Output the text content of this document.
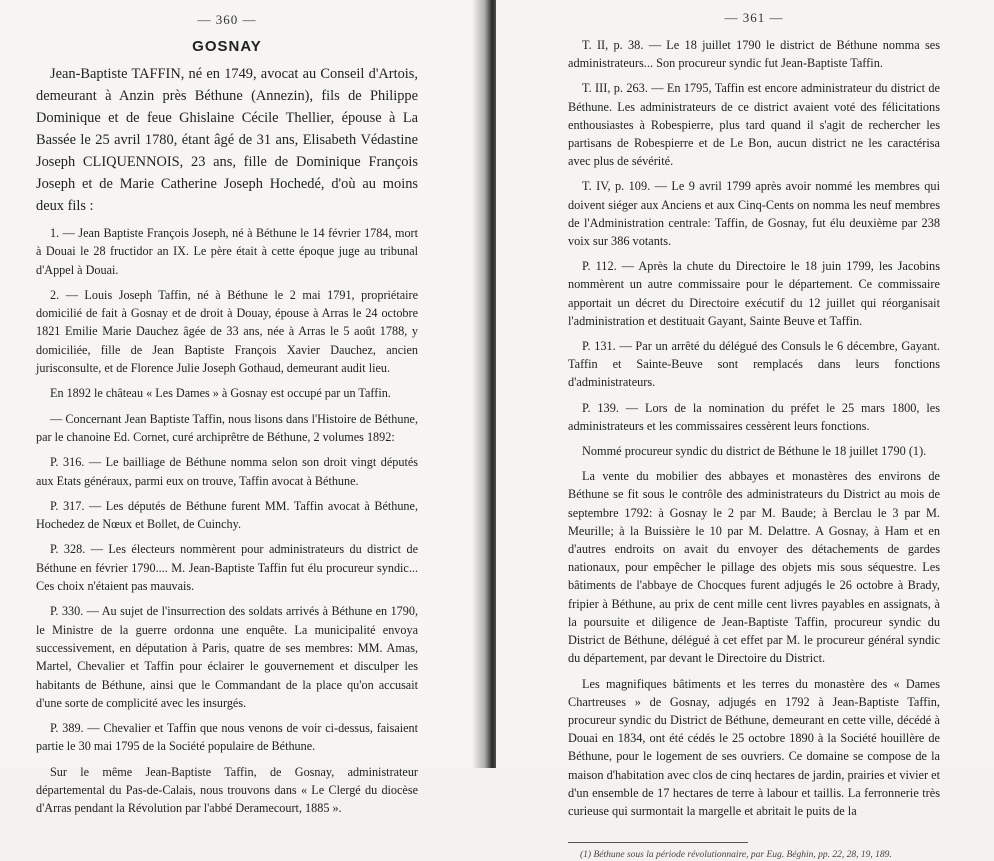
— 360 —
GOSNAY

Jean-Baptiste TAFFIN, né en 1749, avocat au Conseil d'Artois, demeurant à Anzin près Béthune (Annezin), fils de Philippe Dominique et de feue Ghislaine Cécile Thellier, épouse à La Bassée le 25 avril 1780, étant âgé de 31 ans, Elisabeth Védastine Joseph CLIQUENNOIS, 23 ans, fille de Dominique François Joseph et de Marie Catherine Joseph Hochedé, d'où au moins deux fils :

1. — Jean Baptiste François Joseph, né à Béthune le 14 février 1784, mort à Douai le 28 fructidor an IX. Le père était à cette époque juge au tribunal d'Appel à Douai.

2. — Louis Joseph Taffin, né à Béthune le 2 mai 1791, propriétaire domicilié de fait à Gosnay et de droit à Douay, épouse à Arras le 24 octobre 1821 Emilie Marie Dauchez âgée de 33 ans, née à Arras le 5 août 1788, y domiciliée, fille de Jean Baptiste François Xavier Dauchez, ancien jurisconsulte, et de Florence Julie Joseph Gothaud, demeurant audit lieu.

En 1892 le château « Les Dames » à Gosnay est occupé par un Taffin.

— Concernant Jean Baptiste Taffin, nous lisons dans l'Histoire de Béthune, par le chanoine Ed. Cornet, curé archiprêtre de Béthune, 2 volumes 1892:

P. 316. — Le bailliage de Béthune nomma selon son droit vingt députés aux Etats généraux, parmi eux on trouve, Taffin avocat à Béthune.

P. 317. — Les députés de Béthune furent MM. Taffin avocat à Béthune, Hochedez de Nœux et Bollet, de Cuinchy.

P. 328. — Les électeurs nommèrent pour administrateurs du district de Béthune en février 1790.... M. Jean-Baptiste Taffin fut élu procureur syndic... Ces choix n'étaient pas mauvais.

P. 330. — Au sujet de l'insurrection des soldats arrivés à Béthune en 1790, le Ministre de la guerre ordonna une enquête. La municipalité envoya successivement, en députation à Paris, quatre de ses membres: MM. Amas, Martel, Chevalier et Taffin pour éclairer le gouvernement et disculper les habitants de Béthune, ainsi que le Commandant de la place qu'on accusait d'une sorte de complicité avec les insurgés.

P. 389. — Chevalier et Taffin que nous venons de voir ci-dessus, faisaient partie le 30 mai 1795 de la Société populaire de Béthune.

Sur le même Jean-Baptiste Taffin, de Gosnay, administrateur départemental du Pas-de-Calais, nous trouvons dans « Le Clergé du diocèse d'Arras pendant la Révolution par l'abbé Deramecourt, 1885 ».

— 361 —

T. II, p. 38. — Le 18 juillet 1790 le district de Béthune nomma ses administrateurs... Son procureur syndic fut Jean-Baptiste Taffin.

T. III, p. 263. — En 1795, Taffin est encore administrateur du district de Béthune. Les administrateurs de ce district avaient voté des félicitations enthousiastes à Robespierre, plus tard quand il s'agit de rechercher les partisans de Robespierre et de Le Bon, aucun district ne les caractérisa avec plus de sévérité.

T. IV, p. 109. — Le 9 avril 1799 après avoir nommé les membres qui doivent siéger aux Anciens et aux Cinq-Cents on nomma les neuf membres de l'Administration centrale: Taffin, de Gosnay, fut élu deuxième par 238 voix sur 386 votants.

P. 112. — Après la chute du Directoire le 18 juin 1799, les Jacobins nommèrent un autre commissaire pour le département. Ce commissaire apportait un décret du Directoire exécutif du 12 juillet qui réorganisait l'administration et destituait Gayant, Sainte Beuve et Taffin.

P. 131. — Par un arrêté du délégué des Consuls le 6 décembre, Gayant. Taffin et Sainte-Beuve sont remplacés dans leurs fonctions d'administrateurs.

P. 139. — Lors de la nomination du préfet le 25 mars 1800, les administrateurs et les commissaires cessèrent leurs fonctions.

Nommé procureur syndic du district de Béthune le 18 juillet 1790 (1).

La vente du mobilier des abbayes et monastères des environs de Béthune se fit sous le contrôle des administrateurs du District au mois de septembre 1792: à Gosnay le 2 par M. Baude; à Berclau le 3 par M. Meurille; à la Buissière le 10 par M. Delattre. A Gosnay, à Ham et en d'autres endroits on avait du envoyer des détachements de gardes nationaux, pour empêcher le pillage des objets mis sous séquestre. Les bâtiments de l'abbaye de Chocques furent adjugés le 26 octobre à Brady, fripier à Béthune, au prix de cent mille cent livres payables en assignats, à la poursuite et diligence de Jean-Baptiste Taffin, procureur syndic du District de Béthune, délégué à cet effet par M. le procureur général syndic du département, par devant le Directoire du District.

Les magnifiques bâtiments et les terres du monastère des « Dames Chartreuses » de Gosnay, adjugés en 1792 à Jean-Baptiste Taffin, procureur syndic du District de Béthune, demeurant en cette ville, décédé à Douai en 1834, ont été cédés le 25 octobre 1890 à la Société houillère de Béthune, pour le logement de ses ouvriers. Ce domaine se compose de la maison d'habitation avec clos de cinq hectares de jardin, prairies et vivier et d'un ensemble de 17 hectares de terre à labour et taillis. La ferronnerie très curieuse qui surmontait la margelle et abritait le puits de la

(1) Béthune sous la période révolutionnaire, par Eug. Béghin, pp. 22, 28, 19, 189.
